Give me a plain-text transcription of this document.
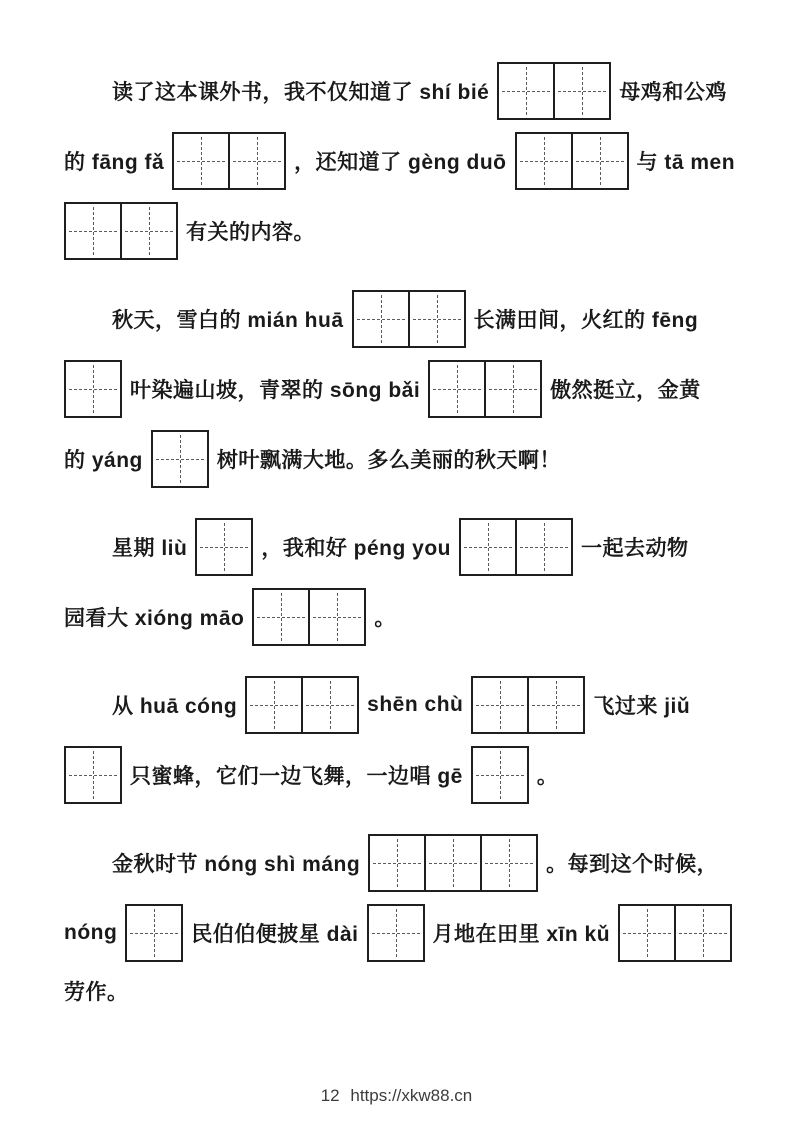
读了这本课外书，我不仅知道了 shí bié	母鸡和公鸡
的 fāng fǎ	，还知道了 gèng duō	与 tā men
有关的内容。
秋天，雪白的 mián huā	长满田间，火红的 fēng
叶染遍山坡，青翠的 sōng bǎi	傲然挺立，金黄
的 yáng	树叶飘满大地。多么美丽的秋天啊！
星期 liù	，我和好 péng you	一起去动物
园看大 xióng māo	。
从 huā cóng	shēn chù	飞过来 jiǔ
只蜜蜂，它们一边飞舞，一边唱 gē	。
金秋时节 nóng shì máng	。每到这个时候，
nóng	民伯伯便披星 dài	月地在田里 xīn kǔ
劳作。
12 https://xkw88.cn
